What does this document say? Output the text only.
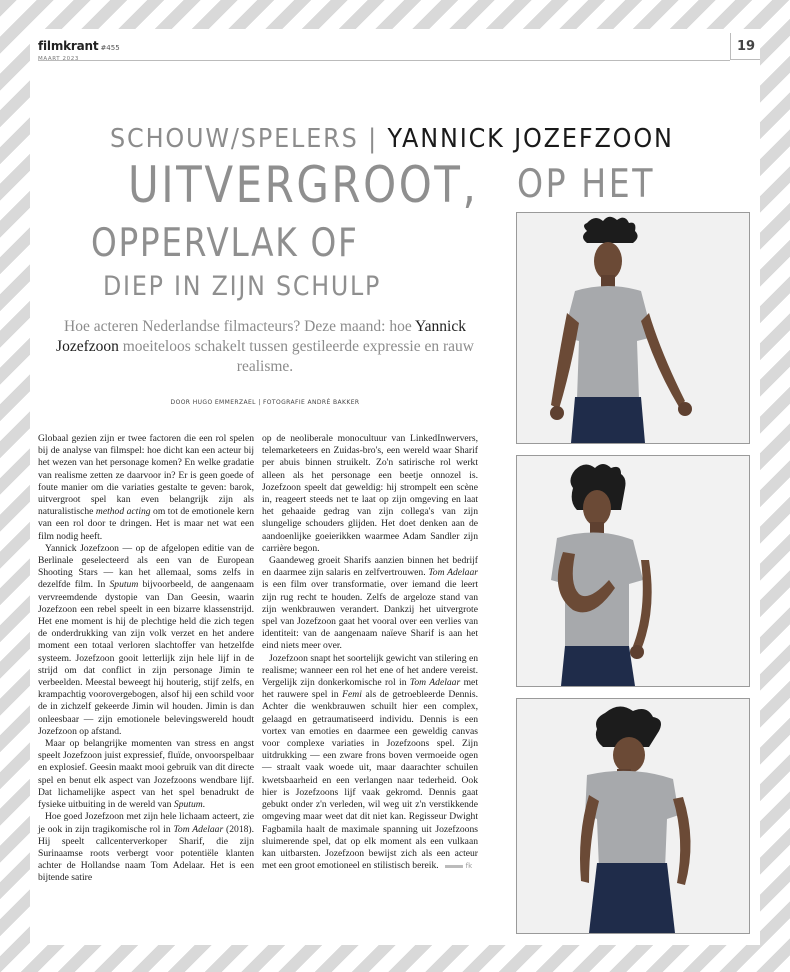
filmkrant #455
MAART 2023
19
SCHOUW/SPELERS | YANNICK JOZEFZOON
UITVERGROOT, OP HET
OPPERVLAK OF
DIEP IN ZIJN SCHULP
Hoe acteren Nederlandse filmacteurs? Deze maand: hoe Yannick Jozefzoon moeiteloos schakelt tussen gestileerde expressie en rauw realisme.
DOOR HUGO EMMERZAEL | FOTOGRAFIE ANDRÉ BAKKER

Globaal gezien zijn er twee factoren die een rol spelen bij de analyse van filmspel: hoe dicht kan een acteur bij het wezen van het personage komen? En welke gradatie van realisme zetten ze daarvoor in? Er is geen goede of foute manier om die variaties gestalte te geven: barok, uitvergroot spel kan even belangrijk zijn als naturalistische method acting om tot de emotionele kern van een rol door te dringen. Het is maar net wat een film nodig heeft.

Yannick Jozefzoon — op de afgelopen editie van de Berlinale geselecteerd als een van de European Shooting Stars — kan het allemaal, soms zelfs in dezelfde film. In Sputum bijvoorbeeld, de aangenaam vervreemdende dystopie van Dan Geesin, waarin Jozefzoon een rebel speelt in een bizarre klassenstrijd. Het ene moment is hij de plechtige held die zich tegen de onderdrukking van zijn volk verzet en het andere moment een totaal verloren slachtoffer van hetzelfde systeem. Jozefzoon gooit letterlijk zijn hele lijf in de strijd om dat conflict in zijn personage Jimin te verbeelden. Meestal beweegt hij houterig, stijf zelfs, en krampachtig voorovergebogen, alsof hij een schild voor de in zichzelf gekeerde Jimin wil houden. Jimin is dan onleesbaar — zijn emotionele belevingswereld houdt Jozefzoon op afstand.

Maar op belangrijke momenten van stress en angst speelt Jozefzoon juist expressief, fluïde, onvoorspelbaar en explosief. Geesin maakt mooi gebruik van dit directe spel en benut elk aspect van Jozefzoons wendbare lijf. Dat lichamelijke aspect van het spel benadrukt de fysieke uitbuiting in de wereld van Sputum.

Hoe goed Jozefzoon met zijn hele lichaam acteert, zie je ook in zijn tragikomische rol in Tom Adelaar (2018). Hij speelt callcenterverkoper Sharif, die zijn Surinaamse roots verbergt voor potentiële klanten achter de Hollandse naam Tom Adelaar. Het is een bijtende satire

op de neoliberale monocultuur van LinkedInwervers, telemarketeers en Zuidas-bro's, een wereld waar Sharif per abuis binnen struikelt. Zo'n satirische rol werkt alleen als het personage een beetje onnozel is. Jozefzoon speelt dat geweldig: hij strompelt een scène in, reageert steeds net te laat op zijn omgeving en laat het gehaaide gedrag van zijn collega's van zijn slungelige schouders glijden. Het doet denken aan de aandoenlijke goeierikken waarmee Adam Sandler zijn carrière begon.

Gaandeweg groeit Sharifs aanzien binnen het bedrijf en daarmee zijn salaris en zelfvertrouwen. Tom Adelaar is een film over transformatie, over iemand die leert zijn rug recht te houden. Zelfs de argeloze stand van zijn wenkbrauwen verandert. Dankzij het uitvergrote spel van Jozefzoon gaat het vooral over een verlies van identiteit: van de aangenaam naïeve Sharif is aan het eind niets meer over.

Jozefzoon snapt het soortelijk gewicht van stilering en realisme; wanneer een rol het ene of het andere vereist. Vergelijk zijn donkerkomische rol in Tom Adelaar met het rauwere spel in Femi als de getroebleerde Dennis. Achter die wenkbrauwen schuilt hier een complex, gelaagd en getraumatiseerd individu. Dennis is een vortex van emoties en daarmee een geweldig canvas voor complexe variaties in Jozefzoons spel. Zijn uitdrukking — een zware frons boven vermoeide ogen — straalt vaak woede uit, maar daarachter schuilen kwetsbaarheid en een verlangen naar tederheid. Ook hier is Jozefzoons lijf vaak gekromd. Dennis gaat gebukt onder z'n verleden, wil weg uit z'n verstikkende omgeving maar weet dat dit niet kan. Regisseur Dwight Fagbamila haalt de maximale spanning uit Jozefzoons sluimerende spel, dat op elk moment als een vulkaan kan uitbarsten. Jozefzoon bewijst zich als een acteur met een groot emotioneel en stilistisch bereik.	fk
